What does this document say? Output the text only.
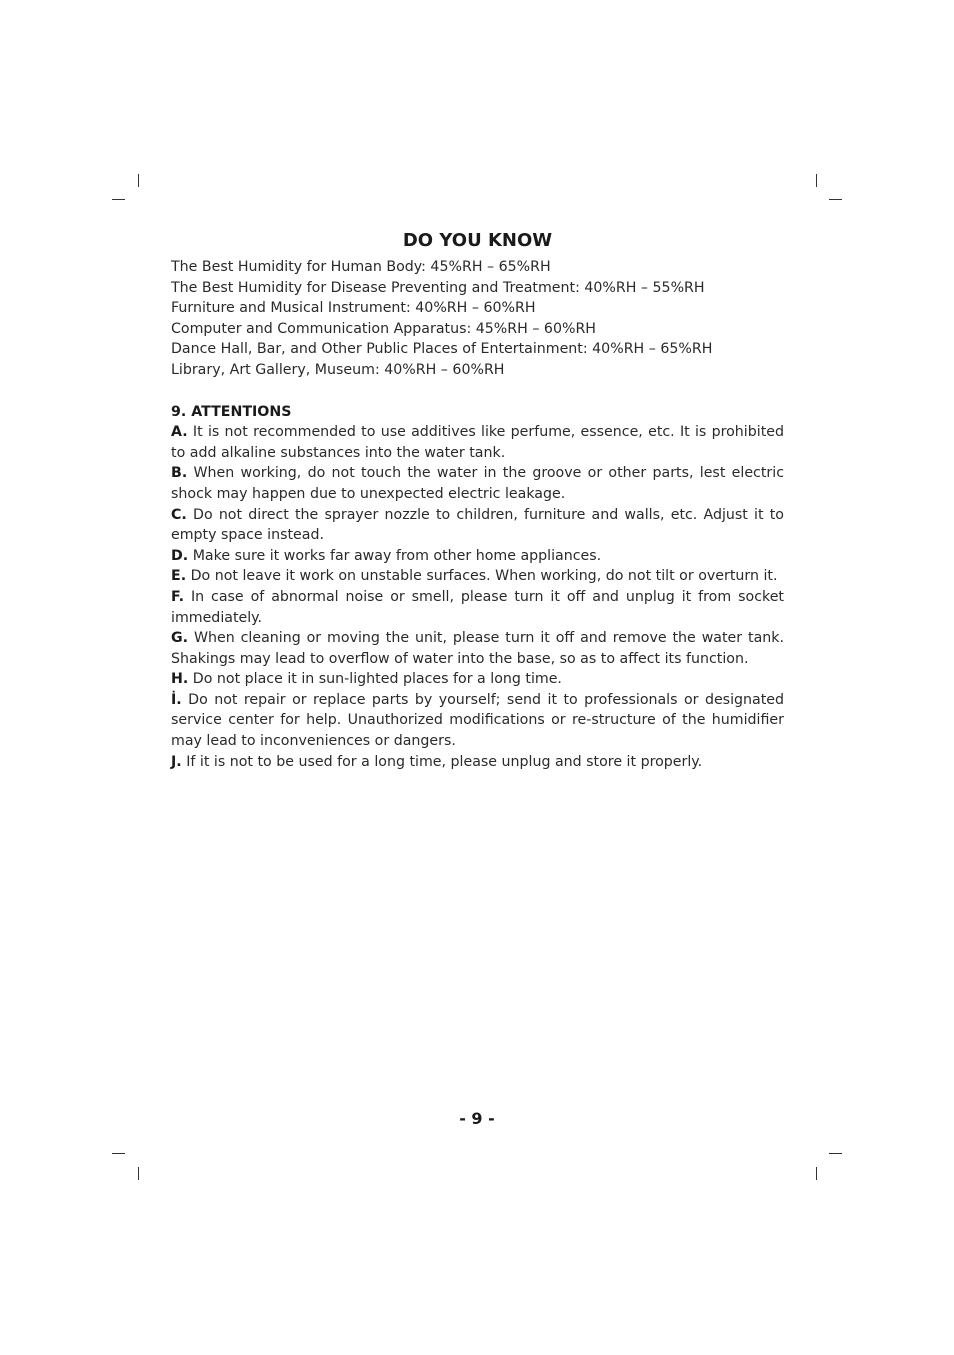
DO YOU KNOW
The Best Humidity for Human Body: 45%RH – 65%RH
The Best Humidity for Disease Preventing and Treatment: 40%RH – 55%RH
Furniture and Musical Instrument: 40%RH – 60%RH
Computer and Communication Apparatus: 45%RH – 60%RH
Dance Hall, Bar, and Other Public Places of Entertainment: 40%RH – 65%RH
Library, Art Gallery, Museum: 40%RH – 60%RH
9. ATTENTIONS
A. It is not recommended to use additives like perfume, essence, etc. It is prohibited to add alkaline substances into the water tank.
B. When working, do not touch the water in the groove or other parts, lest electric shock may happen due to unexpected electric leakage.
C. Do not direct the sprayer nozzle to children, furniture and walls, etc. Adjust it to empty space instead.
D. Make sure it works far away from other home appliances.
E. Do not leave it work on unstable surfaces. When working, do not tilt or overturn it.
F. In case of abnormal noise or smell, please turn it off and unplug it from socket immediately.
G. When cleaning or moving the unit, please turn it off and remove the water tank. Shakings may lead to overflow of water into the base, so as to affect its function.
H. Do not place it in sun-lighted places for a long time.
İ. Do not repair or replace parts by yourself; send it to professionals or designated service center for help. Unauthorized modifications or re-structure of the humidifier may lead to inconveniences or dangers.
J. If it is not to be used for a long time, please unplug and store it properly.
- 9 -
